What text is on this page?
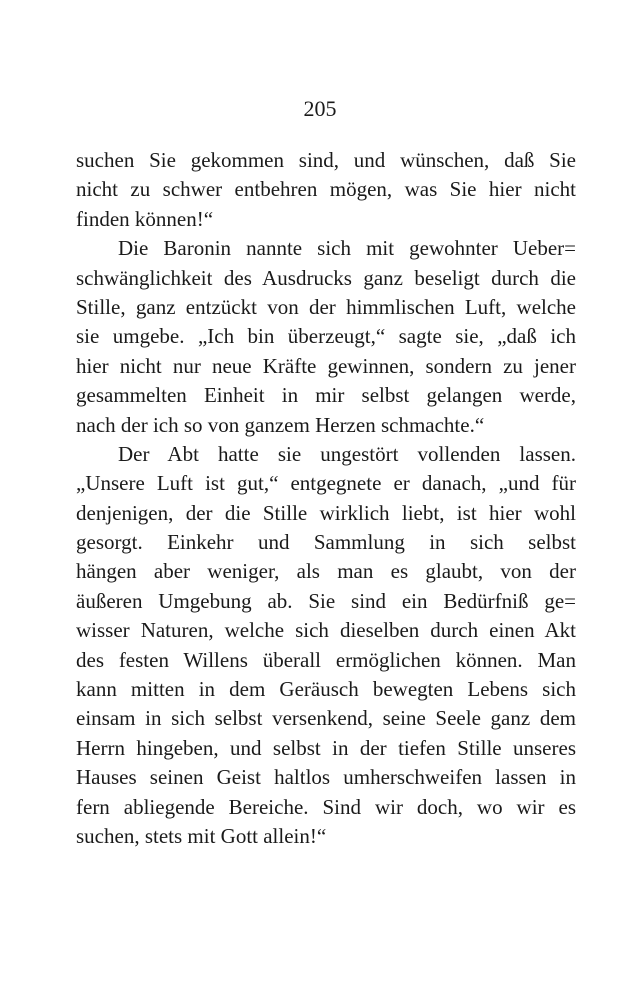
205
suchen Sie gekommen sind, und wünschen, daß Sie
nicht zu schwer entbehren mögen, was Sie hier nicht
finden können!“
Die Baronin nannte sich mit gewohnter Ueber=
schwänglichkeit des Ausdrucks ganz beseligt durch die
Stille, ganz entzückt von der himmlischen Luft, welche
sie umgebe. „Ich bin überzeugt,“ sagte sie, „daß ich
hier nicht nur neue Kräfte gewinnen, sondern zu jener
gesammelten Einheit in mir selbst gelangen werde,
nach der ich so von ganzem Herzen schmachte.“
Der Abt hatte sie ungestört vollenden lassen.
„Unsere Luft ist gut,“ entgegnete er danach, „und für
denjenigen, der die Stille wirklich liebt, ist hier wohl
gesorgt. Einkehr und Sammlung in sich selbst
hängen aber weniger, als man es glaubt, von der
äußeren Umgebung ab. Sie sind ein Bedürfniß ge=
wisser Naturen, welche sich dieselben durch einen Akt
des festen Willens überall ermöglichen können. Man
kann mitten in dem Geräusch bewegten Lebens sich
einsam in sich selbst versenkend, seine Seele ganz dem
Herrn hingeben, und selbst in der tiefen Stille unseres
Hauses seinen Geist haltlos umherschweifen lassen in
fern abliegende Bereiche. Sind wir doch, wo wir es
suchen, stets mit Gott allein!“
